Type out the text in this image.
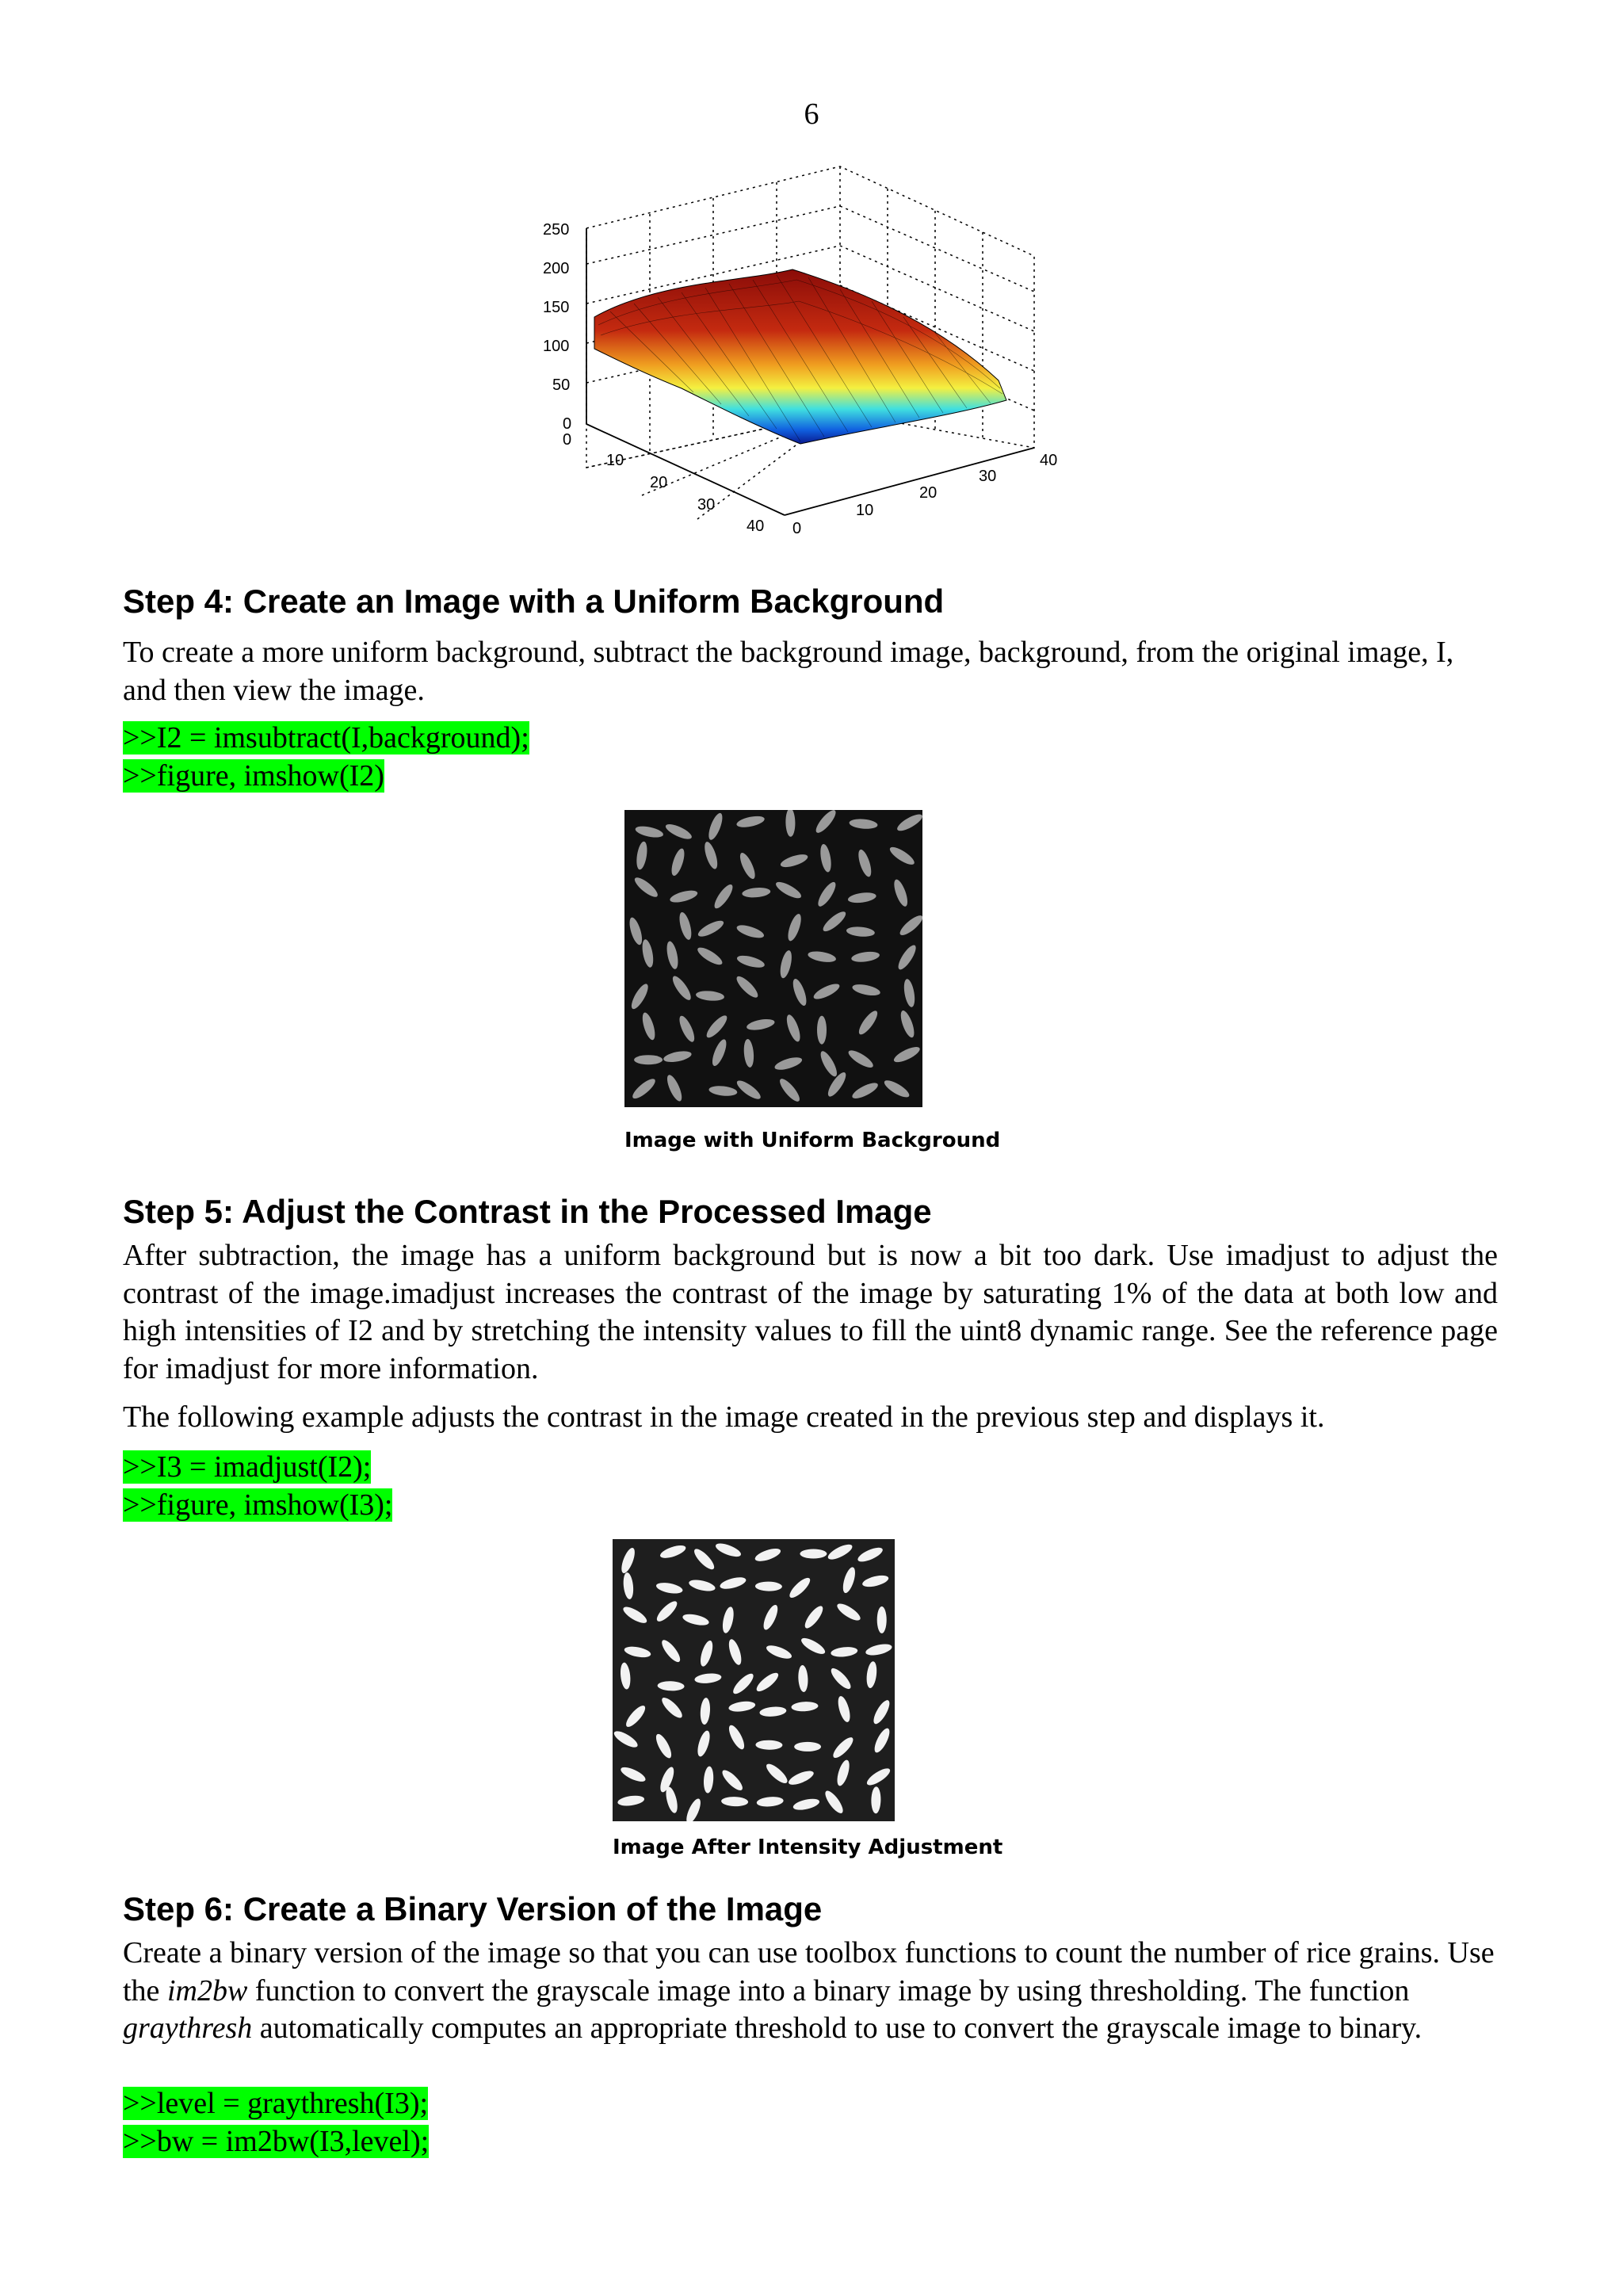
6
250
200
150
100
50
0
0
10
20
30
40 0
10
20
30
40
Step 4: Create an Image with a Uniform Background

To create a more uniform background, subtract the background image, background, from the original image, I, and then view the image.

>>I2 = imsubtract(I,background);
>>figure, imshow(I2)
Image with Uniform Background
Step 5: Adjust the Contrast in the Processed Image

After subtraction, the image has a uniform background but is now a bit too dark. Use imadjust to adjust the contrast of the image.imadjust increases the contrast of the image by saturating 1% of the data at both low and high intensities of I2 and by stretching the intensity values to fill the uint8 dynamic range. See the reference page for imadjust for more information.

The following example adjusts the contrast in the image created in the previous step and displays it.

>>I3 = imadjust(I2);
>>figure, imshow(I3);
Image After Intensity Adjustment
Step 6: Create a Binary Version of the Image

Create a binary version of the image so that you can use toolbox functions to count the number of rice grains. Use the im2bw function to convert the grayscale image into a binary image by using thresholding. The function graythresh automatically computes an appropriate threshold to use to convert the grayscale image to binary.

>>level = graythresh(I3);
>>bw = im2bw(I3,level);
